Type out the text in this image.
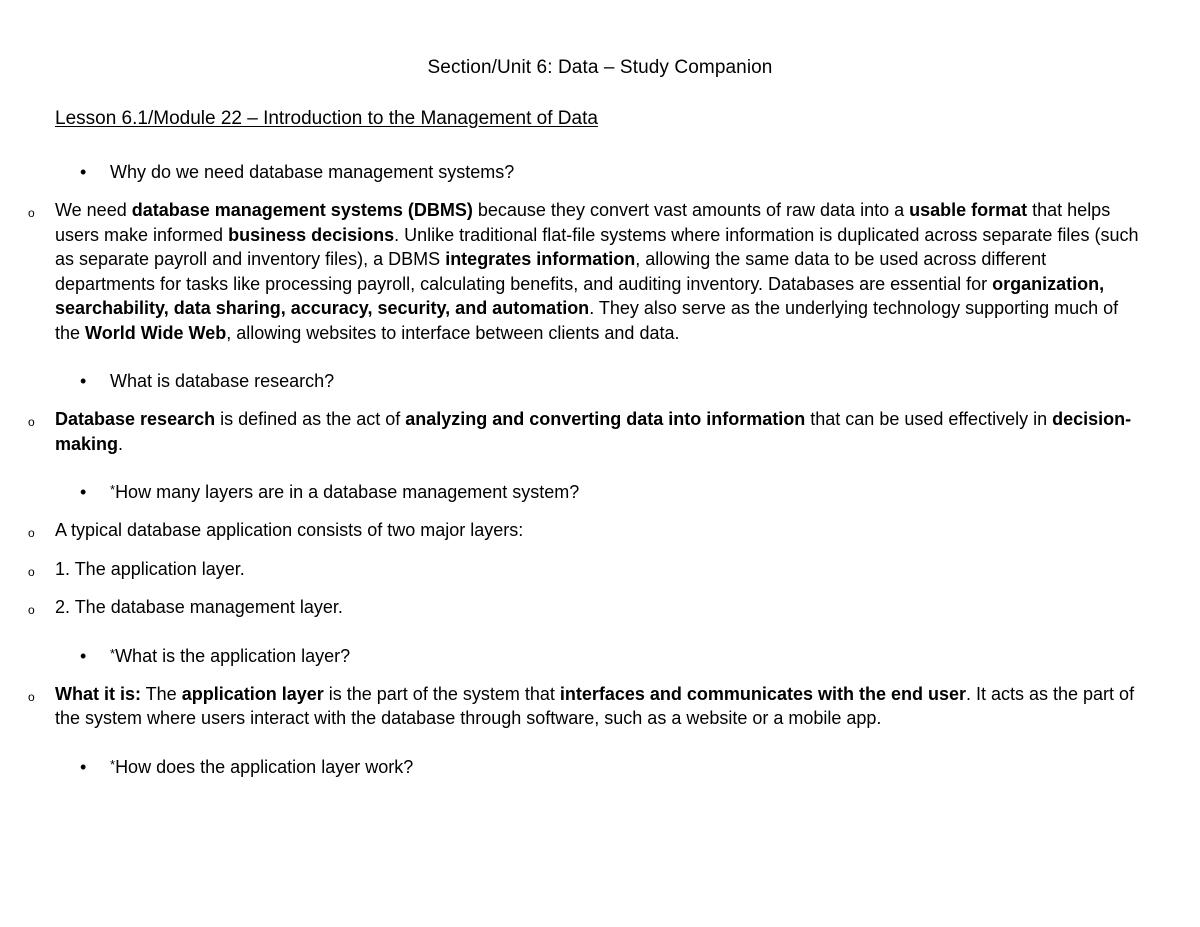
Section/Unit 6: Data – Study Companion
Lesson 6.1/Module 22 – Introduction to the Management of Data
• Why do we need database management systems?
o We need database management systems (DBMS) because they convert vast amounts of raw data into a usable format that helps users make informed business decisions. Unlike traditional flat-file systems where information is duplicated across separate files (such as separate payroll and inventory files), a DBMS integrates information, allowing the same data to be used across different departments for tasks like processing payroll, calculating benefits, and auditing inventory. Databases are essential for organization, searchability, data sharing, accuracy, security, and automation. They also serve as the underlying technology supporting much of the World Wide Web, allowing websites to interface between clients and data.
• What is database research?
o Database research is defined as the act of analyzing and converting data into information that can be used effectively in decision-making.
• *How many layers are in a database management system?
o A typical database application consists of two major layers:
o 1. The application layer.
o 2. The database management layer.
• *What is the application layer?
o What it is: The application layer is the part of the system that interfaces and communicates with the end user. It acts as the part of the system where users interact with the database through software, such as a website or a mobile app.
• *How does the application layer work?
